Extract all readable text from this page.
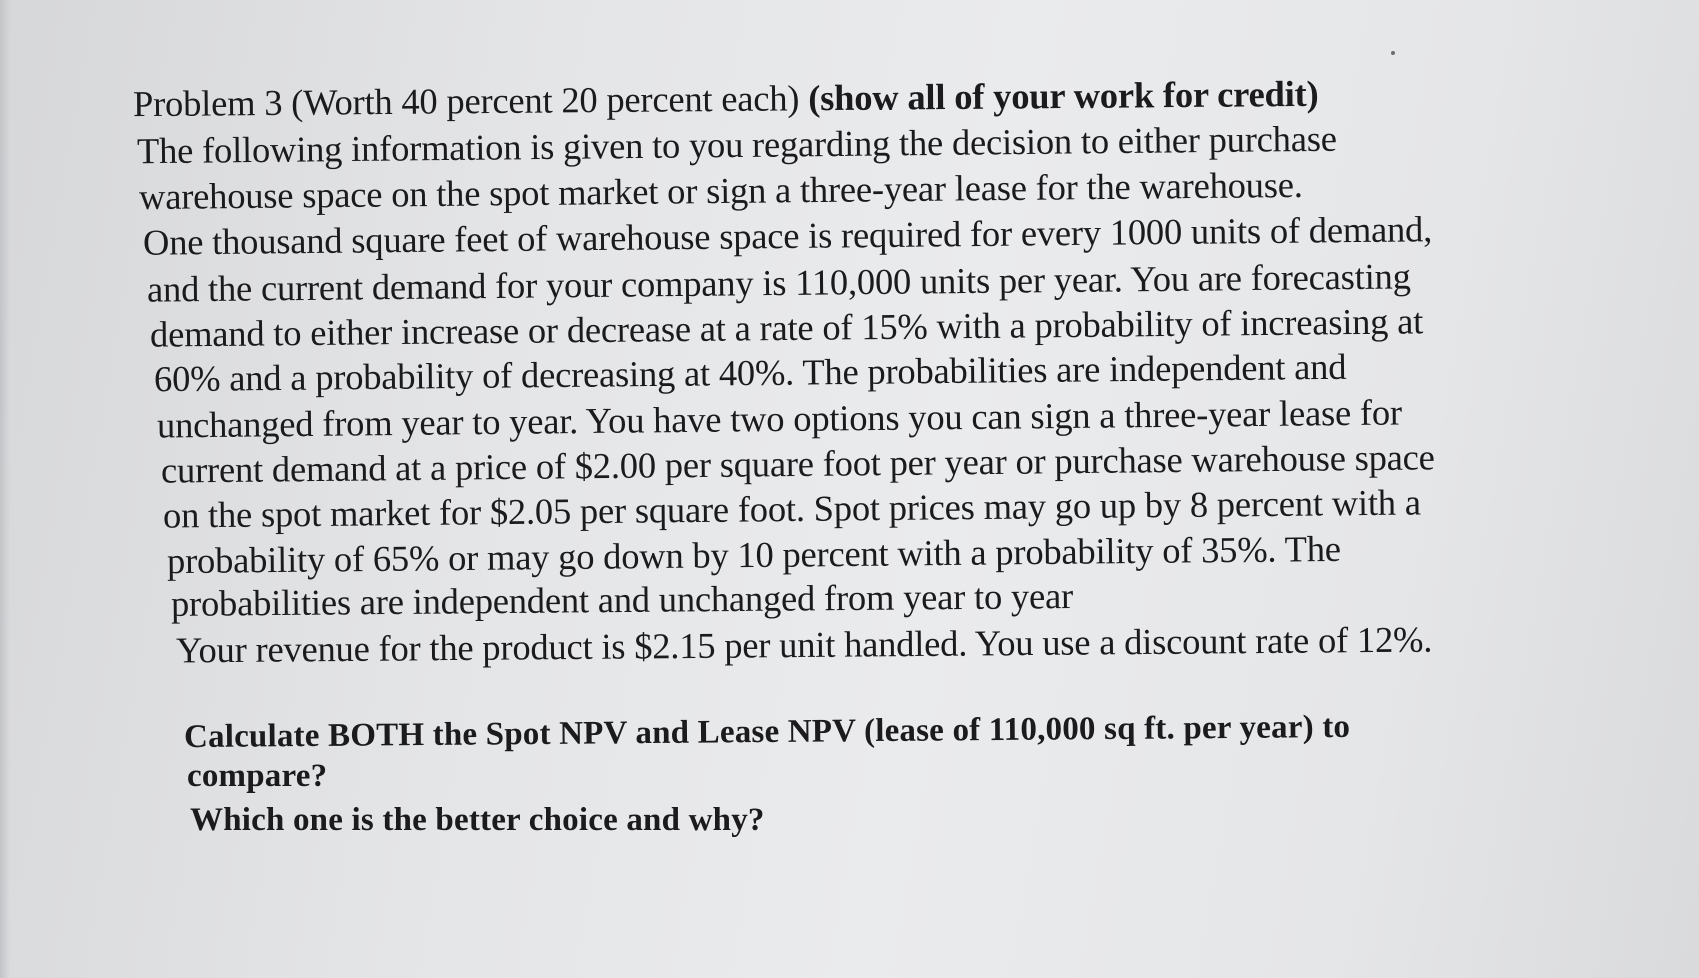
Problem 3 (Worth 40 percent 20 percent each) (show all of your work for credit)
The following information is given to you regarding the decision to either purchase
warehouse space on the spot market or sign a three-year lease for the warehouse.
One thousand square feet of warehouse space is required for every 1000 units of demand,
and the current demand for your company is 110,000 units per year. You are forecasting
demand to either increase or decrease at a rate of 15% with a probability of increasing at
60% and a probability of decreasing at 40%. The probabilities are independent and
unchanged from year to year. You have two options you can sign a three-year lease for
current demand at a price of $2.00 per square foot per year or purchase warehouse space
on the spot market for $2.05 per square foot. Spot prices may go up by 8 percent with a
probability of 65% or may go down by 10 percent with a probability of 35%. The
probabilities are independent and unchanged from year to year
Your revenue for the product is $2.15 per unit handled. You use a discount rate of 12%.
Calculate BOTH the Spot NPV and Lease NPV (lease of 110,000 sq ft. per year) to
compare?
Which one is the better choice and why?
